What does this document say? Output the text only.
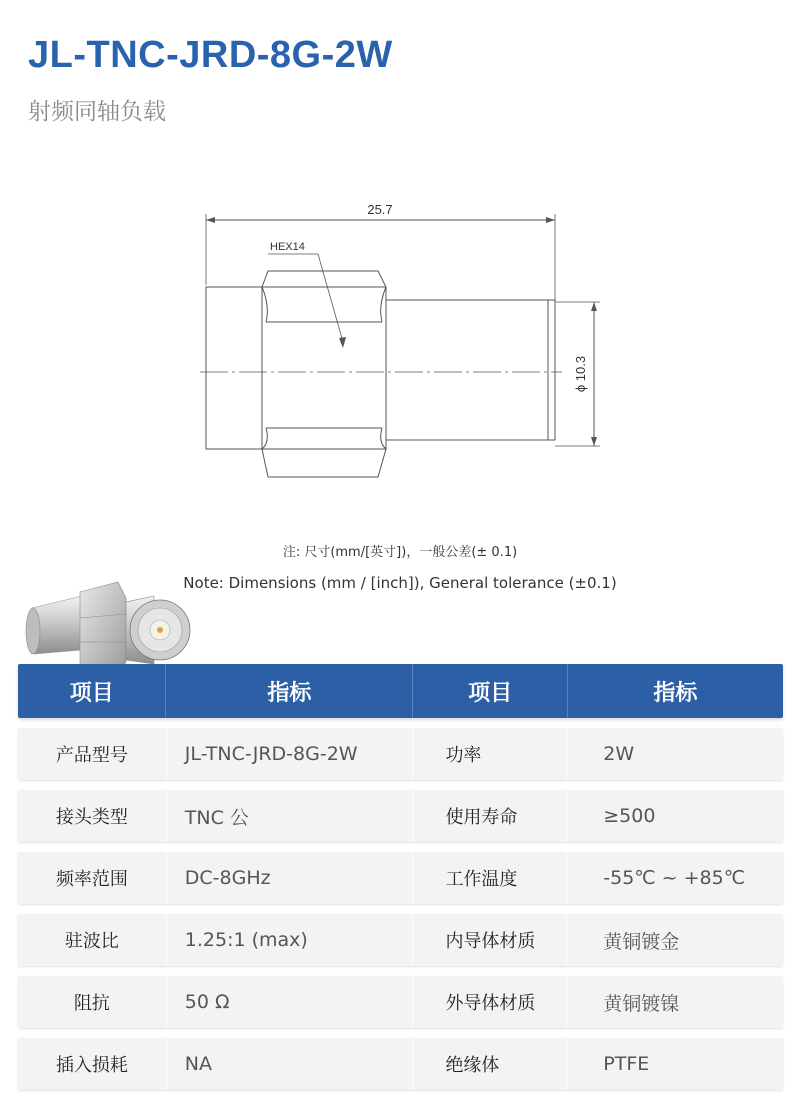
JL-TNC-JRD-8G-2W
射频同轴负载
25.7
HEX14
ϕ 10.3
注: 尺寸(mm/[英寸])，一般公差(± 0.1)
Note: Dimensions (mm / [inch]), General tolerance (±0.1)
项目	指标	项目	指标
产品型号	JL-TNC-JRD-8G-2W	功率	2W
接头类型	TNC 公	使用寿命	≥500
频率范围	DC-8GHz	工作温度	-55℃ ~ +85℃
驻波比	1.25:1 (max)	内导体材质	黄铜镀金
阻抗	50 Ω	外导体材质	黄铜镀镍
插入损耗	NA	绝缘体	PTFE
